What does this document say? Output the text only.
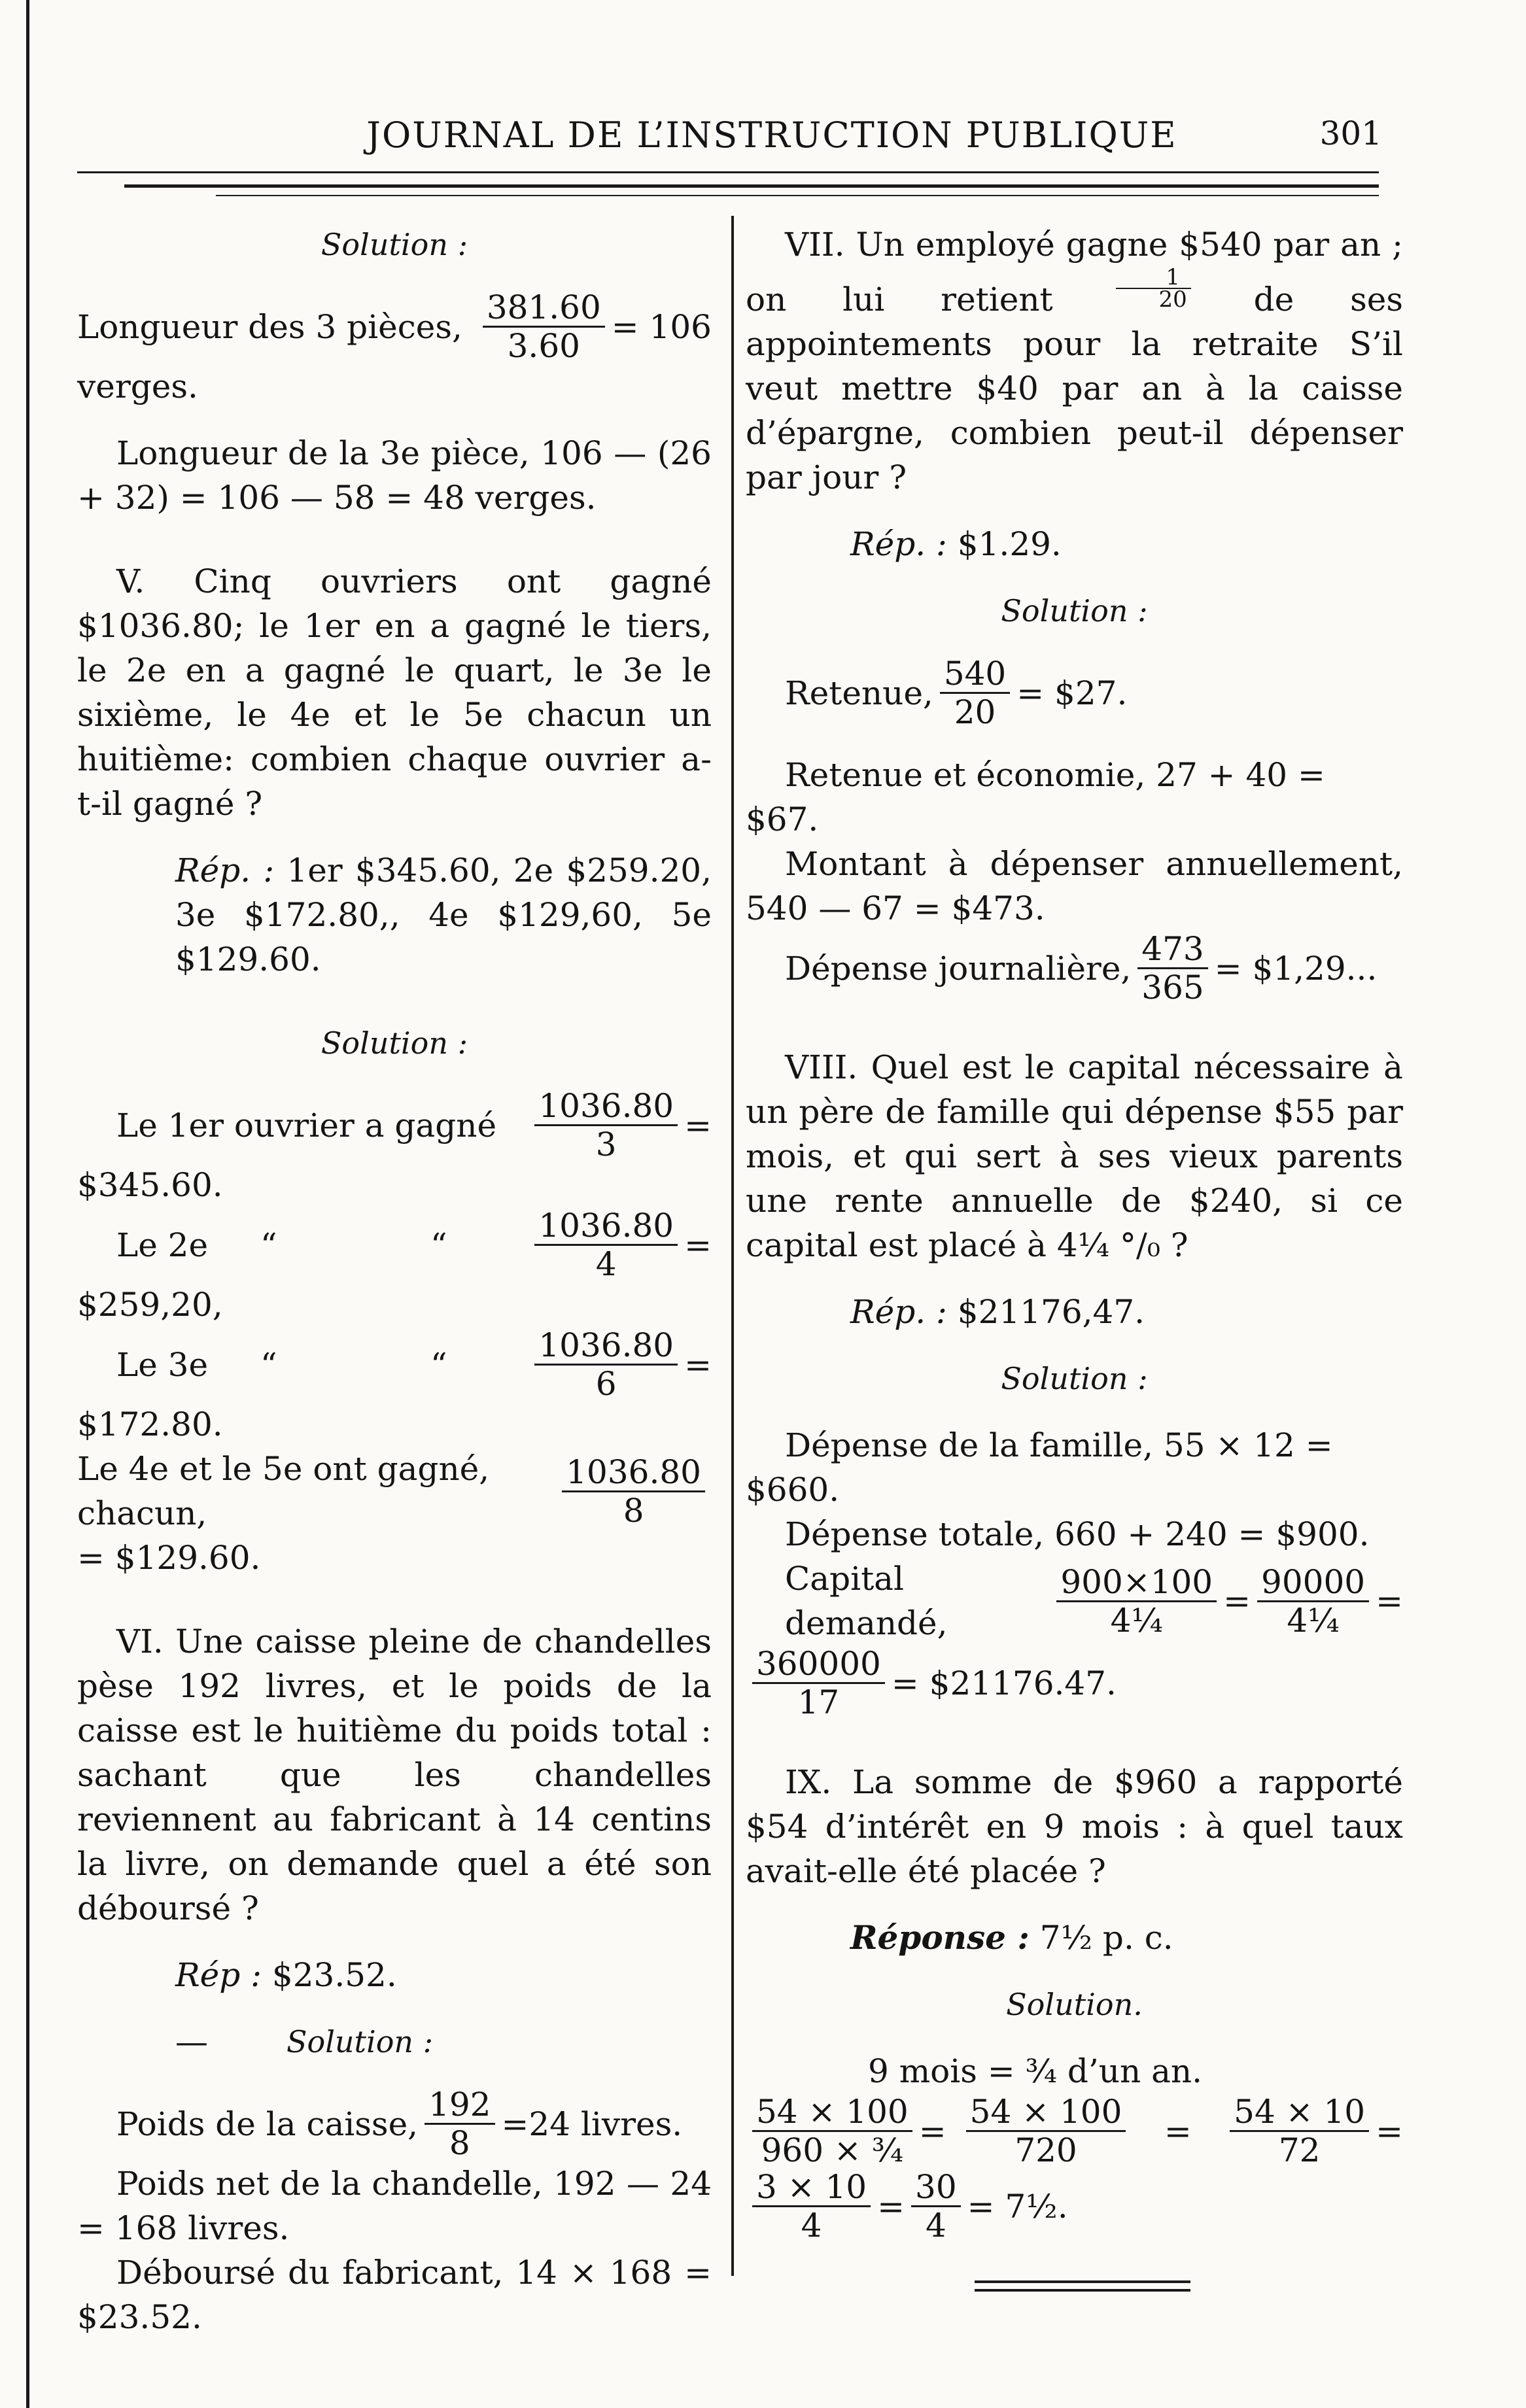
JOURNAL DE L’INSTRUCTION PUBLIQUE	301

Solution :

Longueur des 3 pièces, $\frac{381.60}{3.60} = 106$

verges.

Longueur de la 3e pièce, 106 — (26 + 32) = 106 — 58 = 48 verges.

V. Cinq ouvriers ont gagné $1036.80; le 1er en a gagné le tiers, le 2e en a gagné le quart, le 3e le sixième, le 4e et le 5e chacun un huitième: combien chaque ouvrier a-t-il gagné ?

Rép. : 1er $345.60, 2e $259.20, 3e $172.80,, 4e $129,60, 5e $129.60.

Solution :

Le 1er ouvrier a gagné $\frac{1036.80}{3}$ =

$345.60.

Le 2e	“	“	$\frac{1036.80}{4}$ =

$259,20,

Le 3e	“	“	$\frac{1036.80}{6}$ =

$172.80.

Le 4e et le 5e ont gagné, chacun,	$\frac{1036.80}{8}$

= $129.60.

VI. Une caisse pleine de chandelles pèse 192 livres, et le poids de la caisse est le huitième du poids total : sachant que les chandelles reviennent au fabricant à 14 centins la livre, on demande quel a été son déboursé ?

Rép : $23.52.

—	Solution :
Poids de la caisse, $\frac{192}{8} =24$ livres.

Poids net de la chandelle, 192 — 24 = 168 livres.

Déboursé du fabricant, 14 × 168 = $23.52.

VII. Un employé gagne $540 par an ; on lui retient	$\frac{1}{20}$ de ses appointements pour la retraite S’il veut mettre $40 par an à la caisse d’épargne, combien peut-il dépenser par jour ?

Rép. : $1.29.

Solution :

Retenue, $\frac{540}{20}$ = $27.

Retenue et économie, 27 + 40 = $67.

Montant à dépenser annuellement, 540 — 67 = $473.

Dépense journalière, $\frac{473}{365}$ = $1,29...

VIII. Quel est le capital nécessaire à un père de famille qui dépense $55 par mois, et qui sert à ses vieux parents une rente annuelle de $240, si ce capital est placé à 4¼ °/₀ ?

Rép. : $21176,47.

Solution :

Dépense de la famille, 55 × 12 = $660.

Dépense totale, 660 + 240 = $900.

Capital demandé,	$\frac{900\times 100}{\text{4¼}} = \frac{90000}{\text{4¼}}$ =
$\frac{360000}{17}$ = $21176.47.

IX. La somme de $960 a rapporté $54 d’intérêt en 9 mois : à quel taux avait-elle été placée ?

Réponse : 7½ p. c.

Solution.

9 mois = ¾ d’un an.

$\frac{54 \times 100}{\text{960 × ¾}} = \frac{54 \times 100}{720} = \frac{54 \times 10}{72}$ =
$\frac{3 \times 10}{4} = \frac{30}{4}$ = 7½.
